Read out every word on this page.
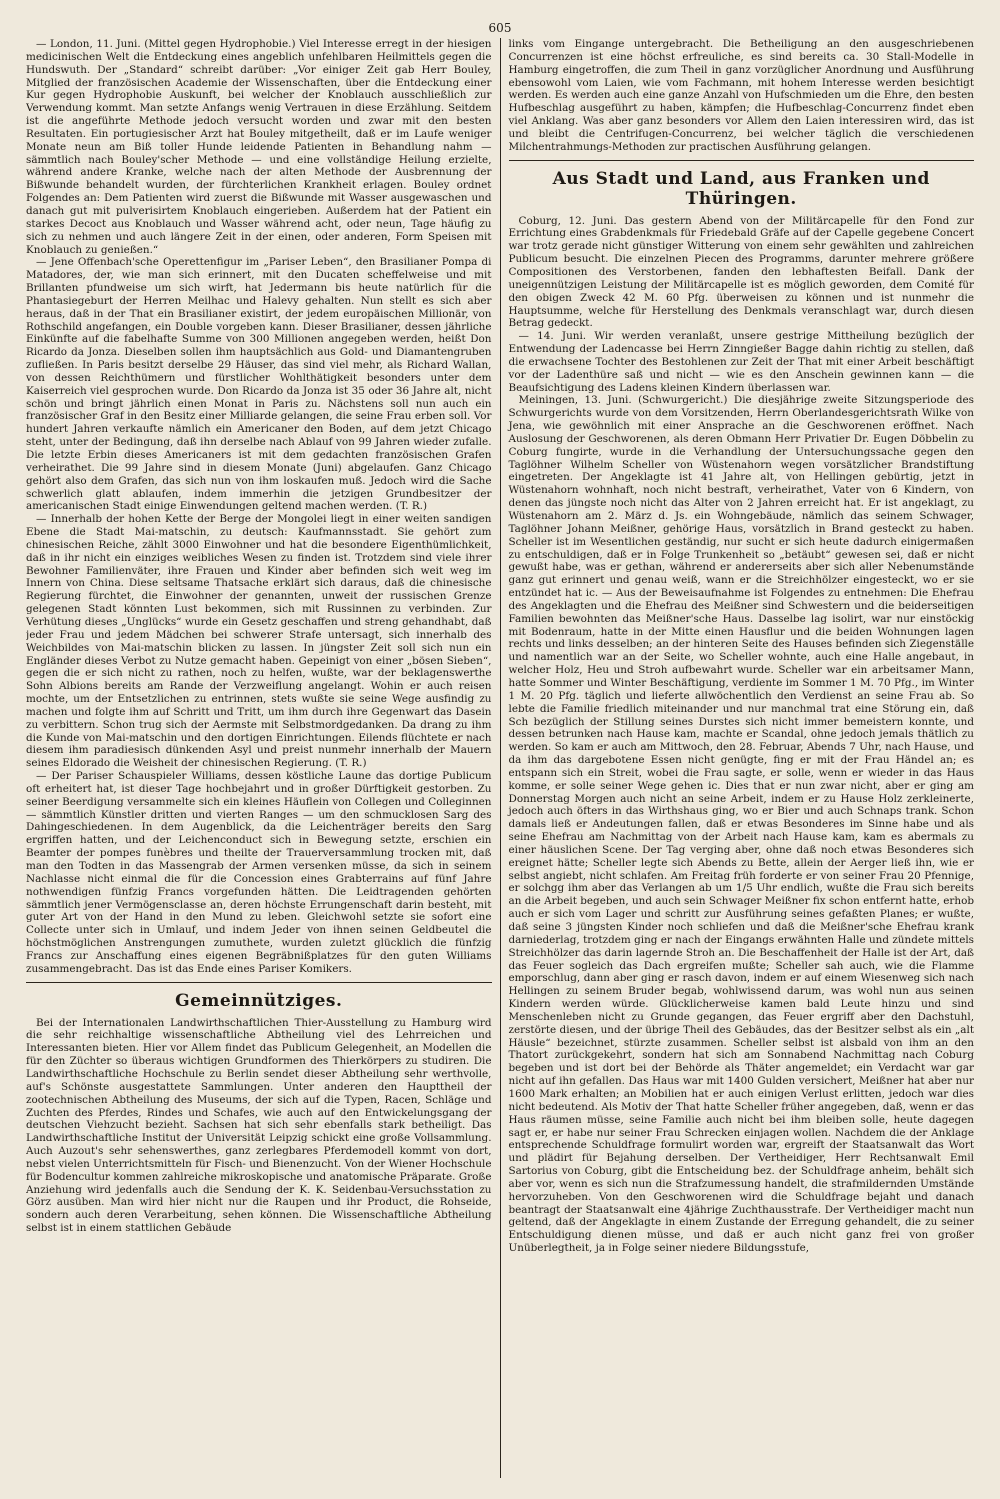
605

— London, 11. Juni. (Mittel gegen Hydrophobie.) Viel Interesse erregt in der hiesigen medicinischen Welt die Entdeckung eines angeblich unfehlbaren Heilmittels gegen die Hundswuth. Der „Standard“ schreibt darüber: „Vor einiger Zeit gab Herr Bouley, Mitglied der französischen Academie der Wissenschaften, über die Entdeckung einer Kur gegen Hydrophobie Auskunft, bei welcher der Knoblauch ausschließlich zur Verwendung kommt. Man setzte Anfangs wenig Vertrauen in diese Erzählung. Seitdem ist die angeführte Methode jedoch versucht worden und zwar mit den besten Resultaten. Ein portugiesischer Arzt hat Bouley mitgetheilt, daß er im Laufe weniger Monate neun am Biß toller Hunde leidende Patienten in Behandlung nahm — sämmtlich nach Bouley'scher Methode — und eine vollständige Heilung erzielte, während andere Kranke, welche nach der alten Methode der Ausbrennung der Bißwunde behandelt wurden, der fürchterlichen Krankheit erlagen. Bouley ordnet Folgendes an: Dem Patienten wird zuerst die Bißwunde mit Wasser ausgewaschen und danach gut mit pulverisirtem Knoblauch eingerieben. Außerdem hat der Patient ein starkes Decoct aus Knoblauch und Wasser während acht, oder neun, Tage häufig zu sich zu nehmen und auch längere Zeit in der einen, oder anderen, Form Speisen mit Knoblauch zu genießen.“

— Jene Offenbach'sche Operettenfigur im „Pariser Leben“, den Brasilianer Pompa di Matadores, der, wie man sich erinnert, mit den Ducaten scheffelweise und mit Brillanten pfundweise um sich wirft, hat Jedermann bis heute natürlich für die Phantasiegeburt der Herren Meilhac und Halevy gehalten. Nun stellt es sich aber heraus, daß in der That ein Brasilianer existirt, der jedem europäischen Millionär, von Rothschild angefangen, ein Double vorgeben kann. Dieser Brasilianer, dessen jährliche Einkünfte auf die fabelhafte Summe von 300 Millionen angegeben werden, heißt Don Ricardo da Jonza. Dieselben sollen ihm hauptsächlich aus Gold- und Diamantengruben zufließen. In Paris besitzt derselbe 29 Häuser, das sind viel mehr, als Richard Wallan, von dessen Reichthümern und fürstlicher Wohlthätigkeit besonders unter dem Kaiserreich viel gesprochen wurde. Don Ricardo da Jonza ist 35 oder 36 Jahre alt, nicht schön und bringt jährlich einen Monat in Paris zu. Nächstens soll nun auch ein französischer Graf in den Besitz einer Milliarde gelangen, die seine Frau erben soll. Vor hundert Jahren verkaufte nämlich ein Americaner den Boden, auf dem jetzt Chicago steht, unter der Bedingung, daß ihn derselbe nach Ablauf von 99 Jahren wieder zufalle. Die letzte Erbin dieses Americaners ist mit dem gedachten französischen Grafen verheirathet. Die 99 Jahre sind in diesem Monate (Juni) abgelaufen. Ganz Chicago gehört also dem Grafen, das sich nun von ihm loskaufen muß. Jedoch wird die Sache schwerlich glatt ablaufen, indem immerhin die jetzigen Grundbesitzer der americanischen Stadt einige Einwendungen geltend machen werden. (T. R.)

— Innerhalb der hohen Kette der Berge der Mongolei liegt in einer weiten sandigen Ebene die Stadt Mai-matschin, zu deutsch: Kaufmannsstadt. Sie gehört zum chinesischen Reiche, zählt 3000 Einwohner und hat die besondere Eigenthümlichkeit, daß in ihr nicht ein einziges weibliches Wesen zu finden ist. Trotzdem sind viele ihrer Bewohner Familienväter, ihre Frauen und Kinder aber befinden sich weit weg im Innern von China. Diese seltsame Thatsache erklärt sich daraus, daß die chinesische Regierung fürchtet, die Einwohner der genannten, unweit der russischen Grenze gelegenen Stadt könnten Lust bekommen, sich mit Russinnen zu verbinden. Zur Verhütung dieses „Unglücks“ wurde ein Gesetz geschaffen und streng gehandhabt, daß jeder Frau und jedem Mädchen bei schwerer Strafe untersagt, sich innerhalb des Weichbildes von Mai-matschin blicken zu lassen. In jüngster Zeit soll sich nun ein Engländer dieses Verbot zu Nutze gemacht haben. Gepeinigt von einer „bösen Sieben“, gegen die er sich nicht zu rathen, noch zu helfen, wußte, war der beklagenswerthe Sohn Albions bereits am Rande der Verzweiflung angelangt. Wohin er auch reisen mochte, um der Entsetzlichen zu entrinnen, stets wußte sie seine Wege ausfindig zu machen und folgte ihm auf Schritt und Tritt, um ihm durch ihre Gegenwart das Dasein zu verbittern. Schon trug sich der Aermste mit Selbstmordgedanken. Da drang zu ihm die Kunde von Mai-matschin und den dortigen Einrichtungen. Eilends flüchtete er nach diesem ihm paradiesisch dünkenden Asyl und preist nunmehr innerhalb der Mauern seines Eldorado die Weisheit der chinesischen Regierung. (T. R.)

— Der Pariser Schauspieler Williams, dessen köstliche Laune das dortige Publicum oft erheitert hat, ist dieser Tage hochbejahrt und in großer Dürftigkeit gestorben. Zu seiner Beerdigung versammelte sich ein kleines Häuflein von Collegen und Colleginnen — sämmtlich Künstler dritten und vierten Ranges — um den schmucklosen Sarg des Dahingeschiedenen. In dem Augenblick, da die Leichenträger bereits den Sarg ergriffen hatten, und der Leichenconduct sich in Bewegung setzte, erschien ein Beamter der pompes funèbres und theilte der Trauerversammlung trocken mit, daß man den Todten in das Massengrab der Armen versenken müsse, da sich in seinem Nachlasse nicht einmal die für die Concession eines Grabterrains auf fünf Jahre nothwendigen fünfzig Francs vorgefunden hätten. Die Leidtragenden gehörten sämmtlich jener Vermögensclasse an, deren höchste Errungenschaft darin besteht, mit guter Art von der Hand in den Mund zu leben. Gleichwohl setzte sie sofort eine Collecte unter sich in Umlauf, und indem Jeder von ihnen seinen Geldbeutel die höchstmöglichen Anstrengungen zumuthete, wurden zuletzt glücklich die fünfzig Francs zur Anschaffung eines eigenen Begräbnißplatzes für den guten Williams zusammengebracht. Das ist das Ende eines Pariser Komikers.

Gemeinnütziges.

Bei der Internationalen Landwirthschaftlichen Thier-Ausstellung zu Hamburg wird die sehr reichhaltige wissenschaftliche Abtheilung viel des Lehrreichen und Interessanten bieten. Hier vor Allem findet das Publicum Gelegenheit, an Modellen die für den Züchter so überaus wichtigen Grundformen des Thierkörpers zu studiren. Die Landwirthschaftliche Hochschule zu Berlin sendet dieser Abtheilung sehr werthvolle, auf's Schönste ausgestattete Sammlungen. Unter anderen den Haupttheil der zootechnischen Abtheilung des Museums, der sich auf die Typen, Racen, Schläge und Zuchten des Pferdes, Rindes und Schafes, wie auch auf den Entwickelungsgang der deutschen Viehzucht bezieht. Sachsen hat sich sehr ebenfalls stark betheiligt. Das Landwirthschaftliche Institut der Universität Leipzig schickt eine große Vollsammlung. Auch Auzout's sehr sehenswerthes, ganz zerlegbares Pferdemodell kommt von dort, nebst vielen Unterrichtsmitteln für Fisch- und Bienenzucht. Von der Wiener Hochschule für Bodencultur kommen zahlreiche mikroskopische und anatomische Präparate. Große Anziehung wird jedenfalls auch die Sendung der K. K. Seidenbau-Versuchsstation zu Görz ausüben. Man wird hier nicht nur die Raupen und ihr Product, die Rohseide, sondern auch deren Verarbeitung, sehen können. Die Wissenschaftliche Abtheilung selbst ist in einem stattlichen Gebäude

links vom Eingange untergebracht. Die Betheiligung an den ausgeschriebenen Concurrenzen ist eine höchst erfreuliche, es sind bereits ca. 30 Stall-Modelle in Hamburg eingetroffen, die zum Theil in ganz vorzüglicher Anordnung und Ausführung ebensowohl vom Laien, wie vom Fachmann, mit hohem Interesse werden besichtigt werden. Es werden auch eine ganze Anzahl von Hufschmieden um die Ehre, den besten Hufbeschlag ausgeführt zu haben, kämpfen; die Hufbeschlag-Concurrenz findet eben viel Anklang. Was aber ganz besonders vor Allem den Laien interessiren wird, das ist und bleibt die Centrifugen-Concurrenz, bei welcher täglich die verschiedenen Milchentrahmungs-Methoden zur practischen Ausführung gelangen.

Aus Stadt und Land, aus Franken und Thüringen.

Coburg, 12. Juni. Das gestern Abend von der Militärcapelle für den Fond zur Errichtung eines Grabdenkmals für Friedebald Gräfe auf der Capelle gegebene Concert war trotz gerade nicht günstiger Witterung von einem sehr gewählten und zahlreichen Publicum besucht. Die einzelnen Piecen des Programms, darunter mehrere größere Compositionen des Verstorbenen, fanden den lebhaftesten Beifall. Dank der uneigennützigen Leistung der Militärcapelle ist es möglich geworden, dem Comité für den obigen Zweck 42 M. 60 Pfg. überweisen zu können und ist nunmehr die Hauptsumme, welche für Herstellung des Denkmals veranschlagt war, durch diesen Betrag gedeckt.

— 14. Juni. Wir werden veranlaßt, unsere gestrige Mittheilung bezüglich der Entwendung der Ladencasse bei Herrn Zinngießer Bagge dahin richtig zu stellen, daß die erwachsene Tochter des Bestohlenen zur Zeit der That mit einer Arbeit beschäftigt vor der Ladenthüre saß und nicht — wie es den Anschein gewinnen kann — die Beaufsichtigung des Ladens kleinen Kindern überlassen war.

Meiningen, 13. Juni. (Schwurgericht.) Die diesjährige zweite Sitzungsperiode des Schwurgerichts wurde von dem Vorsitzenden, Herrn Oberlandesgerichtsrath Wilke von Jena, wie gewöhnlich mit einer Ansprache an die Geschworenen eröffnet. Nach Auslosung der Geschworenen, als deren Obmann Herr Privatier Dr. Eugen Döbbelin zu Coburg fungirte, wurde in die Verhandlung der Untersuchungssache gegen den Taglöhner Wilhelm Scheller von Wüstenahorn wegen vorsätzlicher Brandstiftung eingetreten. Der Angeklagte ist 41 Jahre alt, von Hellingen gebürtig, jetzt in Wüstenahorn wohnhaft, noch nicht bestraft, verheirathet, Vater von 6 Kindern, von denen das jüngste noch nicht das Alter von 2 Jahren erreicht hat. Er ist angeklagt, zu Wüstenahorn am 2. März d. Js. ein Wohngebäude, nämlich das seinem Schwager, Taglöhner Johann Meißner, gehörige Haus, vorsätzlich in Brand gesteckt zu haben. Scheller ist im Wesentlichen geständig, nur sucht er sich heute dadurch einigermaßen zu entschuldigen, daß er in Folge Trunkenheit so „betäubt“ gewesen sei, daß er nicht gewußt habe, was er gethan, während er andererseits aber sich aller Nebenumstände ganz gut erinnert und genau weiß, wann er die Streichhölzer eingesteckt, wo er sie entzündet hat ic. — Aus der Beweisaufnahme ist Folgendes zu entnehmen: Die Ehefrau des Angeklagten und die Ehefrau des Meißner sind Schwestern und die beiderseitigen Familien bewohnten das Meißner'sche Haus. Dasselbe lag isolirt, war nur einstöckig mit Bodenraum, hatte in der Mitte einen Hausflur und die beiden Wohnungen lagen rechts und links desselben; an der hinteren Seite des Hauses befinden sich Ziegenställe und namentlich war an der Seite, wo Scheller wohnte, auch eine Halle angebaut, in welcher Holz, Heu und Stroh aufbewahrt wurde. Scheller war ein arbeitsamer Mann, hatte Sommer und Winter Beschäftigung, verdiente im Sommer 1 M. 70 Pfg., im Winter 1 M. 20 Pfg. täglich und lieferte allwöchentlich den Verdienst an seine Frau ab. So lebte die Familie friedlich miteinander und nur manchmal trat eine Störung ein, daß Sch bezüglich der Stillung seines Durstes sich nicht immer bemeistern konnte, und dessen betrunken nach Hause kam, machte er Scandal, ohne jedoch jemals thätlich zu werden. So kam er auch am Mittwoch, den 28. Februar, Abends 7 Uhr, nach Hause, und da ihm das dargebotene Essen nicht genügte, fing er mit der Frau Händel an; es entspann sich ein Streit, wobei die Frau sagte, er solle, wenn er wieder in das Haus komme, er solle seiner Wege gehen ic. Dies that er nun zwar nicht, aber er ging am Donnerstag Morgen auch nicht an seine Arbeit, indem er zu Hause Holz zerkleinerte, jedoch auch öfters in das Wirthshaus ging, wo er Bier und auch Schnaps trank. Schon damals ließ er Andeutungen fallen, daß er etwas Besonderes im Sinne habe und als seine Ehefrau am Nachmittag von der Arbeit nach Hause kam, kam es abermals zu einer häuslichen Scene. Der Tag verging aber, ohne daß noch etwas Besonderes sich ereignet hätte; Scheller legte sich Abends zu Bette, allein der Aerger ließ ihn, wie er selbst angiebt, nicht schlafen. Am Freitag früh forderte er von seiner Frau 20 Pfennige, er solchgg ihm aber das Verlangen ab um 1/5 Uhr endlich, wußte die Frau sich bereits an die Arbeit begeben, und auch sein Schwager Meißner fix schon entfernt hatte, erhob auch er sich vom Lager und schritt zur Ausführung seines gefaßten Planes; er wußte, daß seine 3 jüngsten Kinder noch schliefen und daß die Meißner'sche Ehefrau krank darniederlag, trotzdem ging er nach der Eingangs erwähnten Halle und zündete mittels Streichhölzer das darin lagernde Stroh an. Die Beschaffenheit der Halle ist der Art, daß das Feuer sogleich das Dach ergreifen mußte; Scheller sah auch, wie die Flamme emporschlug, dann aber ging er rasch davon, indem er auf einem Wiesenweg sich nach Hellingen zu seinem Bruder begab, wohlwissend darum, was wohl nun aus seinen Kindern werden würde. Glücklicherweise kamen bald Leute hinzu und sind Menschenleben nicht zu Grunde gegangen, das Feuer ergriff aber den Dachstuhl, zerstörte diesen, und der übrige Theil des Gebäudes, das der Besitzer selbst als ein „alt Häusle“ bezeichnet, stürzte zusammen. Scheller selbst ist alsbald von ihm an den Thatort zurückgekehrt, sondern hat sich am Sonnabend Nachmittag nach Coburg begeben und ist dort bei der Behörde als Thäter angemeldet; ein Verdacht war gar nicht auf ihn gefallen. Das Haus war mit 1400 Gulden versichert, Meißner hat aber nur 1600 Mark erhalten; an Mobilien hat er auch einigen Verlust erlitten, jedoch war dies nicht bedeutend. Als Motiv der That hatte Scheller früher angegeben, daß, wenn er das Haus räumen müsse, seine Familie auch nicht bei ihm bleiben solle, heute dagegen sagt er, er habe nur seiner Frau Schrecken einjagen wollen. Nachdem die der Anklage entsprechende Schuldfrage formulirt worden war, ergreift der Staatsanwalt das Wort und plädirt für Bejahung derselben. Der Vertheidiger, Herr Rechtsanwalt Emil Sartorius von Coburg, gibt die Entscheidung bez. der Schuldfrage anheim, behält sich aber vor, wenn es sich nun die Strafzumessung handelt, die strafmildernden Umstände hervorzuheben. Von den Geschworenen wird die Schuldfrage bejaht und danach beantragt der Staatsanwalt eine 4jährige Zuchthausstrafe. Der Vertheidiger macht nun geltend, daß der Angeklagte in einem Zustande der Erregung gehandelt, die zu seiner Entschuldigung dienen müsse, und daß er auch nicht ganz frei von großer Unüberlegtheit, ja in Folge seiner niedere Bildungsstufe,
